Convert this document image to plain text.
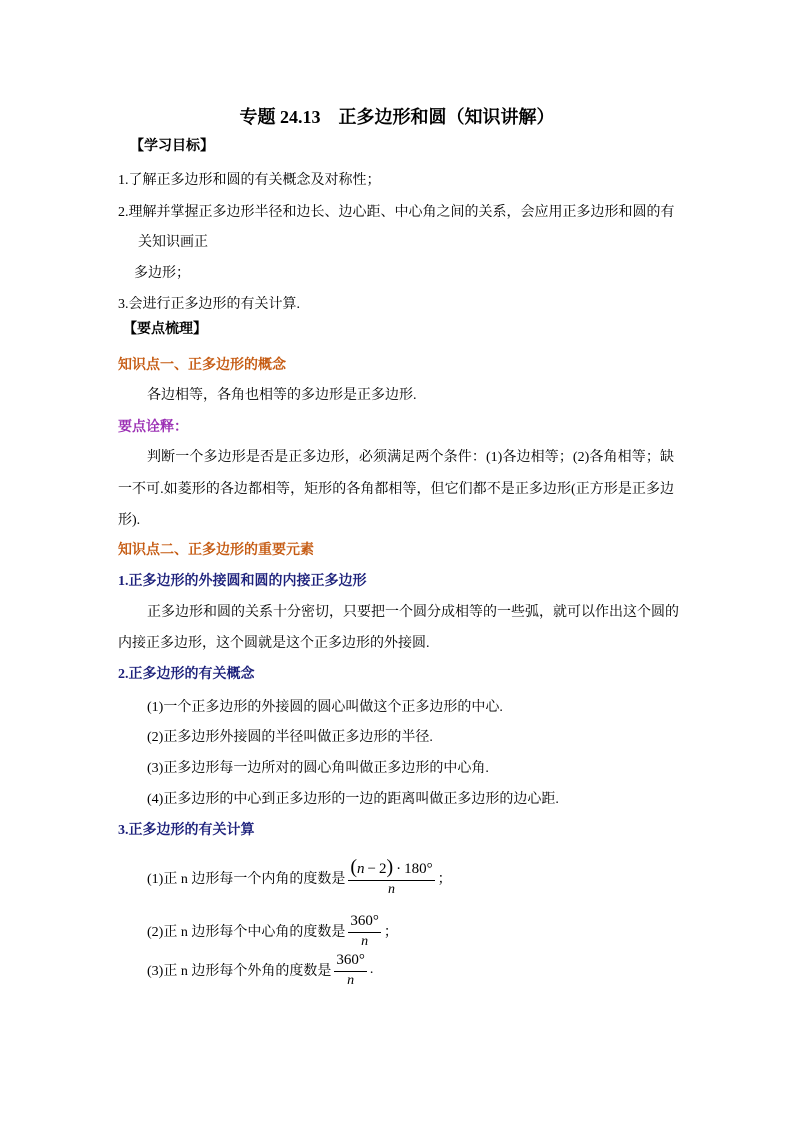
专题 24.13　正多边形和圆（知识讲解）
【学习目标】
1.了解正多边形和圆的有关概念及对称性；
2.理解并掌握正多边形半径和边长、边心距、中心角之间的关系，会应用正多边形和圆的有
关知识画正
多边形；
3.会进行正多边形的有关计算.
【要点梳理】
知识点一、正多边形的概念
各边相等，各角也相等的多边形是正多边形.
要点诠释：
判断一个多边形是否是正多边形，必须满足两个条件：(1)各边相等；(2)各角相等；缺
一不可.如菱形的各边都相等，矩形的各角都相等，但它们都不是正多边形(正方形是正多边
形).
知识点二、正多边形的重要元素
1.正多边形的外接圆和圆的内接正多边形
正多边形和圆的关系十分密切，只要把一个圆分成相等的一些弧，就可以作出这个圆的
内接正多边形，这个圆就是这个正多边形的外接圆.
2.正多边形的有关概念
(1)一个正多边形的外接圆的圆心叫做这个正多边形的中心.
(2)正多边形外接圆的半径叫做正多边形的半径.
(3)正多边形每一边所对的圆心角叫做正多边形的中心角.
(4)正多边形的中心到正多边形的一边的距离叫做正多边形的边心距.
3.正多边形的有关计算
(1)正 n 边形每一个内角的度数是 $\frac{(n - 2) \cdot 180^\circ}{n}$ ；
(2)正 n 边形每个中心角的度数是 $\frac{360^\circ}{n}$ ；
(3)正 n 边形每个外角的度数是 $\frac{360^\circ}{n}$ .
